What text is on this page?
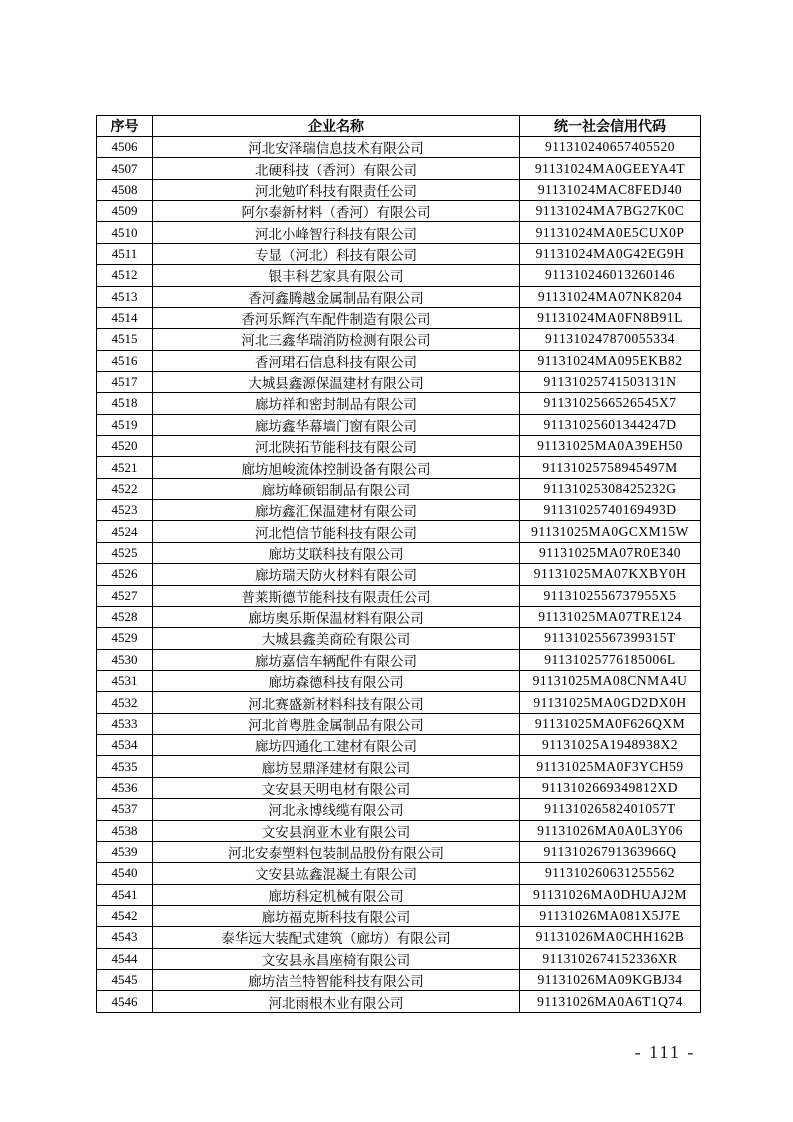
序号	企业名称	统一社会信用代码
4506	河北安泽瑞信息技术有限公司	911310240657405520
4507	北硬科技（香河）有限公司	91131024MA0GEEYA4T
4508	河北勉吖科技有限责任公司	91131024MAC8FEDJ40
4509	阿尔泰新材料（香河）有限公司	91131024MA7BG27K0C
4510	河北小峰智行科技有限公司	91131024MA0E5CUX0P
4511	专显（河北）科技有限公司	91131024MA0G42EG9H
4512	银丰科艺家具有限公司	911310246013260146
4513	香河鑫腾越金属制品有限公司	91131024MA07NK8204
4514	香河乐辉汽车配件制造有限公司	91131024MA0FN8B91L
4515	河北三鑫华瑞消防检测有限公司	911310247870055334
4516	香河珺石信息科技有限公司	91131024MA095EKB82
4517	大城县鑫源保温建材有限公司	91131025741503131N
4518	廊坊祥和密封制品有限公司	9113102566526545X7
4519	廊坊鑫华幕墙门窗有限公司	91131025601344247D
4520	河北陕拓节能科技有限公司	91131025MA0A39EH50
4521	廊坊旭峻流体控制设备有限公司	91131025758945497M
4522	廊坊峰硕铝制品有限公司	91131025308425232G
4523	廊坊鑫汇保温建材有限公司	91131025740169493D
4524	河北恺信节能科技有限公司	91131025MA0GCXM15W
4525	廊坊艾联科技有限公司	91131025MA07R0E340
4526	廊坊瑞天防火材料有限公司	91131025MA07KXBY0H
4527	普莱斯德节能科技有限责任公司	9113102556737955X5
4528	廊坊奥乐斯保温材料有限公司	91131025MA07TRE124
4529	大城县鑫美商砼有限公司	91131025567399315T
4530	廊坊嘉信车辆配件有限公司	91131025776185006L
4531	廊坊森德科技有限公司	91131025MA08CNMA4U
4532	河北赛盛新材料科技有限公司	91131025MA0GD2DX0H
4533	河北首粤胜金属制品有限公司	91131025MA0F626QXM
4534	廊坊四通化工建材有限公司	91131025A1948938X2
4535	廊坊昱鼎泽建材有限公司	91131025MA0F3YCH59
4536	文安县天明电材有限公司	9113102669349812XD
4537	河北永博线缆有限公司	91131026582401057T
4538	文安县润亚木业有限公司	91131026MA0A0L3Y06
4539	河北安泰塑料包装制品股份有限公司	91131026791363966Q
4540	文安县竑鑫混凝土有限公司	911310260631255562
4541	廊坊科定机械有限公司	91131026MA0DHUAJ2M
4542	廊坊福克斯科技有限公司	91131026MA081X5J7E
4543	泰华远大装配式建筑（廊坊）有限公司	91131026MA0CHH162B
4544	文安县永昌座椅有限公司	9113102674152336XR
4545	廊坊洁兰特智能科技有限公司	91131026MA09KGBJ34
4546	河北雨根木业有限公司	91131026MA0A6T1Q74
- 111 -
